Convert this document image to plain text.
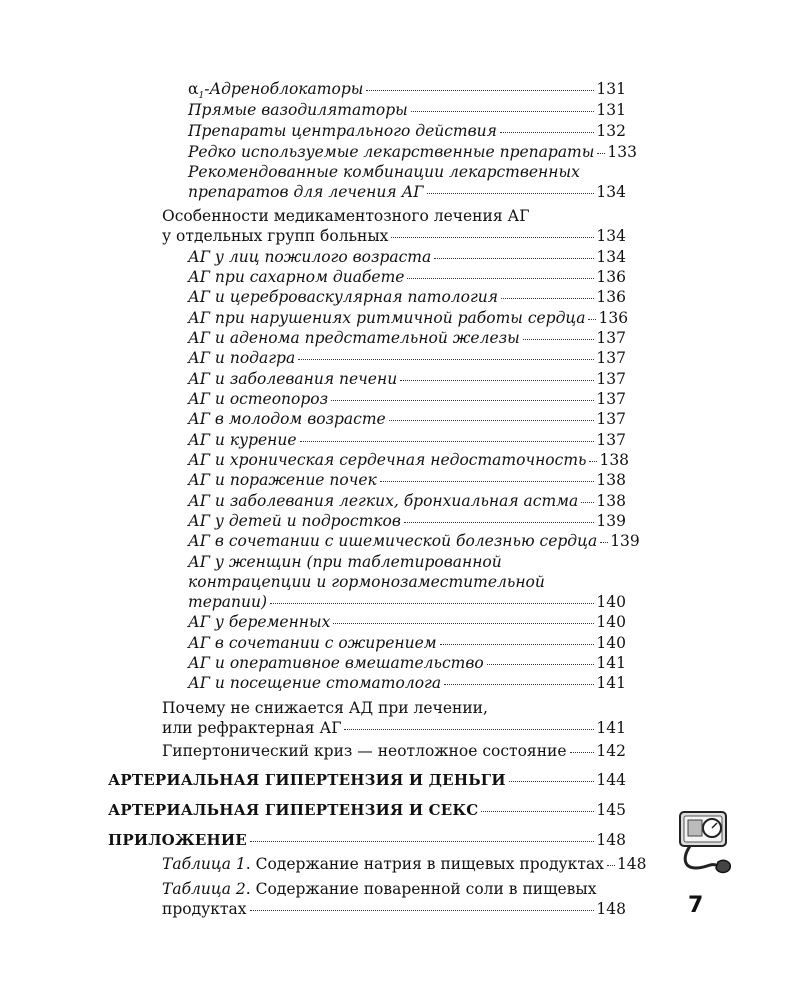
$\alpha_1$-Адреноблокаторы	131
Прямые вазодилятаторы	131
Препараты центрального действия	132
Редко используемые лекарственные препараты 133
Рекомендованные комбинации лекарственных
препаратов для лечения АГ	134
Особенности медикаментозного лечения АГ
у отдельных групп больных	134
АГ у лиц пожилого возраста	134
АГ при сахарном диабете	136
АГ и цереброваскулярная патология	136
АГ при нарушениях ритмичной работы сердца 136
АГ и аденома предстательной железы	137
АГ и подагра	137
АГ и заболевания печени	137
АГ и остеопороз	137
АГ в молодом возрасте	137
АГ и курение	137
АГ и хроническая сердечная недостаточность 138
АГ и поражение почек	138
АГ и заболевания легких, бронхиальная астма 138
АГ у детей и подростков	139
АГ в сочетании с ишемической болезнью сердца 139
АГ у женщин (при таблетированной
контрацепции и гормонозаместительной
терапии)	140
АГ у беременных	140
АГ в сочетании с ожирением	140
АГ и оперативное вмешательство	141
АГ и посещение стоматолога	141
Почему не снижается АД при лечении,
или рефрактерная АГ	141
Гипертонический криз — неотложное состояние 142
АРТЕРИАЛЬНАЯ ГИПЕРТЕНЗИЯ И ДЕНЬГИ	144
АРТЕРИАЛЬНАЯ ГИПЕРТЕНЗИЯ И СЕКС	145
ПРИЛОЖЕНИЕ	148
Таблица 1. Содержание натрия в пищевых продуктах 148
Таблица 2. Содержание поваренной соли в пищевых
продуктах	148	7
